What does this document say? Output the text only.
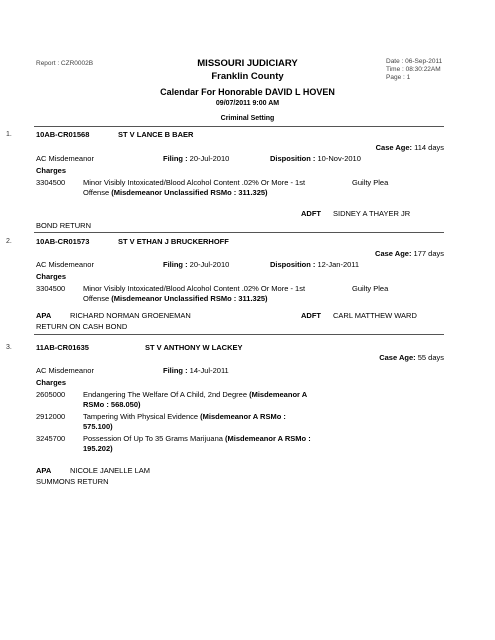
Report : CZR0002B	MISSOURI JUDICIARY
Franklin County
Date : 06-Sep-2011
Time : 08:30:22AM
Page : 1
Calendar For Honorable DAVID L HOVEN
09/07/2011 9:00 AM
Criminal Setting
1.	10AB-CR01568	ST V LANCE B BAER
Case Age: 114 days
AC Misdemeanor	Filing : 20-Jul-2010	Disposition : 10-Nov-2010
Charges
3304500 Minor Visibly Intoxicated/Blood Alcohol Content .02% Or More - 1st Offense (Misdemeanor Unclassified RSMo : 311.325)
Guilty Plea
ADFT SIDNEY A THAYER JR
BOND RETURN
2.	10AB-CR01573	ST V ETHAN J BRUCKERHOFF
Case Age: 177 days
AC Misdemeanor	Filing : 20-Jul-2010	Disposition : 12-Jan-2011
Charges
3304500 Minor Visibly Intoxicated/Blood Alcohol Content .02% Or More - 1st Offense (Misdemeanor Unclassified RSMo : 311.325)
Guilty Plea
APA RICHARD NORMAN GROENEMAN	ADFT CARL MATTHEW WARD
RETURN ON CASH BOND
3.	11AB-CR01635	ST V ANTHONY W LACKEY
Case Age: 55 days
AC Misdemeanor	Filing : 14-Jul-2011
Charges
2605000 Endangering The Welfare Of A Child, 2nd Degree (Misdemeanor A RSMo : 568.050)
2912000 Tampering With Physical Evidence (Misdemeanor A RSMo : 575.100)
3245700 Possession Of Up To 35 Grams Marijuana (Misdemeanor A RSMo : 195.202)
APA NICOLE JANELLE LAM
SUMMONS RETURN
